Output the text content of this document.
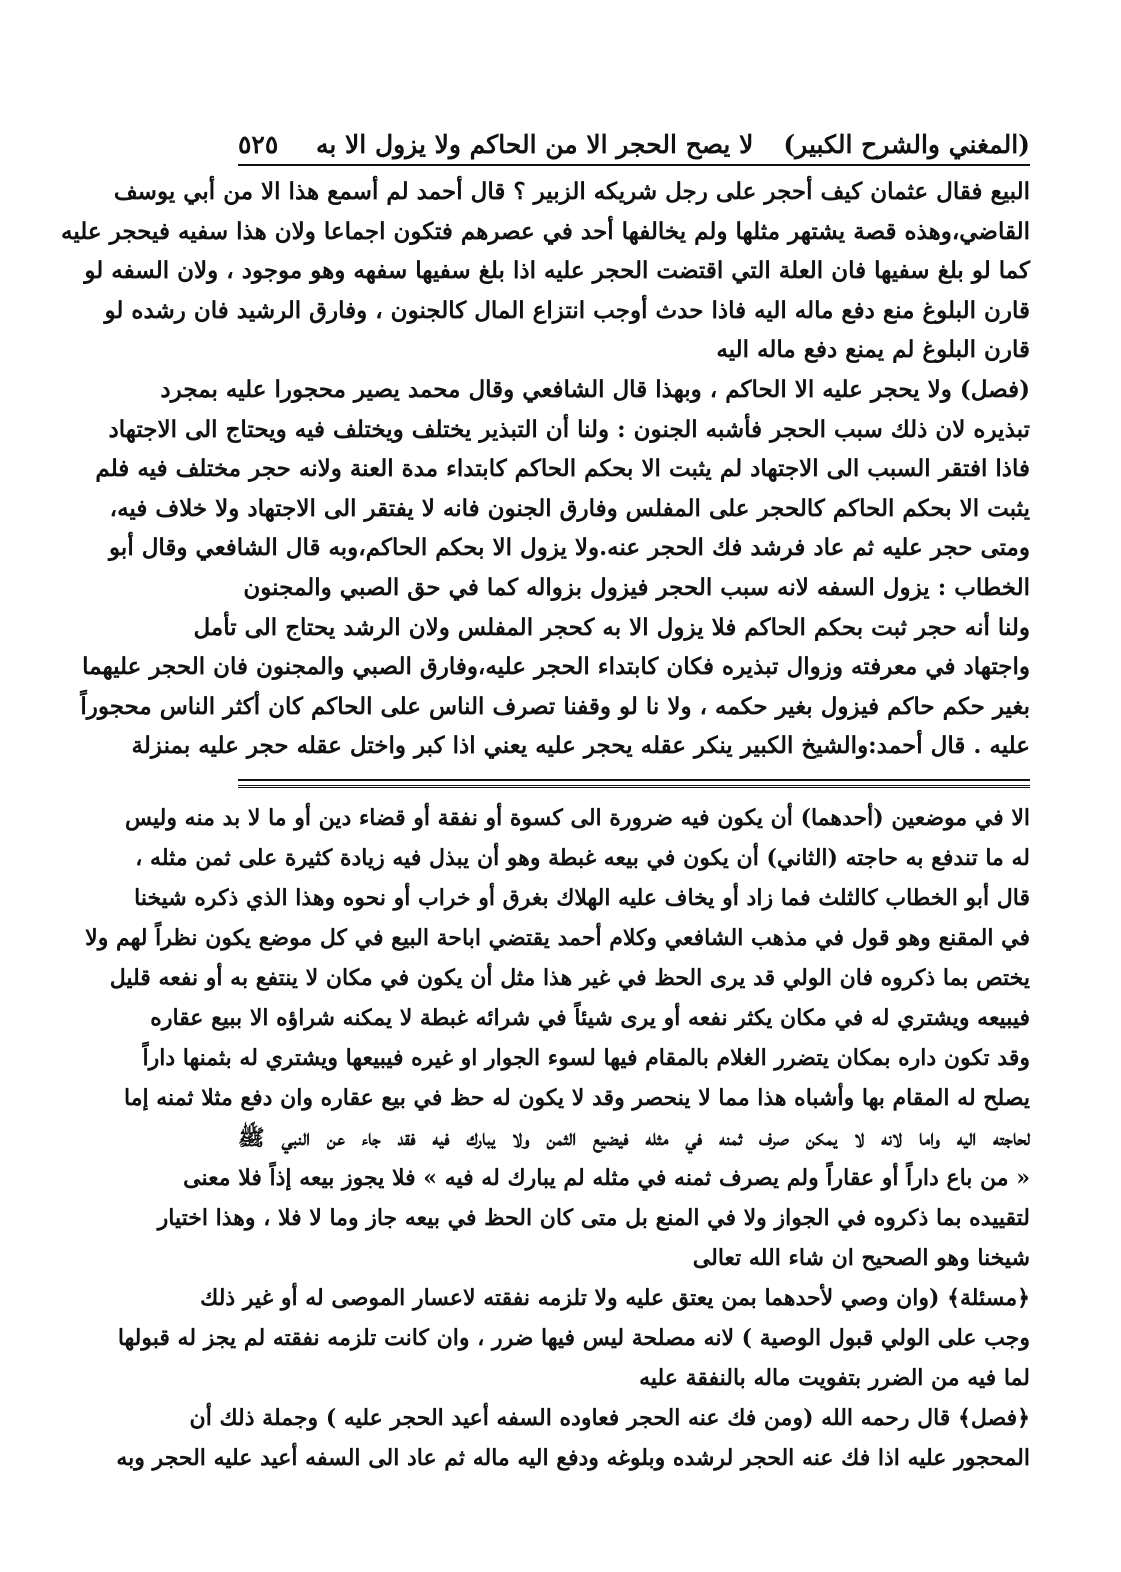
(المغني والشرح الكبير)
لا يصح الحجر الا من الحاكم ولا يزول الا به
٥٢٥
البيع فقال عثمان كيف أحجر على رجل شريكه الزبير ؟ قال أحمد لم أسمع هذا الا من أبي يوسف
القاضي،وهذه قصة يشتهر مثلها ولم يخالفها أحد في عصرهم فتكون اجماعا ولان هذا سفيه فيحجر عليه
كما لو بلغ سفيها فان العلة التي اقتضت الحجر عليه اذا بلغ سفيها سفهه وهو موجود ، ولان السفه لو
قارن البلوغ منع دفع ماله اليه فاذا حدث أوجب انتزاع المال كالجنون ، وفارق الرشيد فان رشده لو
قارن البلوغ لم يمنع دفع ماله اليه
(فصل) ولا يحجر عليه الا الحاكم ، وبهذا قال الشافعي وقال محمد يصير محجورا عليه بمجرد
تبذيره لان ذلك سبب الحجر فأشبه الجنون : ولنا أن التبذير يختلف ويختلف فيه ويحتاج الى الاجتهاد
فاذا افتقر السبب الى الاجتهاد لم يثبت الا بحكم الحاكم كابتداء مدة العنة ولانه حجر مختلف فيه فلم
يثبت الا بحكم الحاكم كالحجر على المفلس وفارق الجنون فانه لا يفتقر الى الاجتهاد ولا خلاف فيه،
ومتى حجر عليه ثم عاد فرشد فك الحجر عنه.ولا يزول الا بحكم الحاكم،وبه قال الشافعي وقال أبو
الخطاب : يزول السفه لانه سبب الحجر فيزول بزواله كما في حق الصبي والمجنون
ولنا أنه حجر ثبت بحكم الحاكم فلا يزول الا به كحجر المفلس ولان الرشد يحتاج الى تأمل
واجتهاد في معرفته وزوال تبذيره فكان كابتداء الحجر عليه،وفارق الصبي والمجنون فان الحجر عليهما
بغير حكم حاكم فيزول بغير حكمه ، ولا نا لو وقفنا تصرف الناس على الحاكم كان أكثر الناس محجوراً
عليه . قال أحمد:والشيخ الكبير ينكر عقله يحجر عليه يعني اذا كبر واختل عقله حجر عليه بمنزلة
الا في موضعين (أحدهما) أن يكون فيه ضرورة الى كسوة أو نفقة أو قضاء دين أو ما لا بد منه وليس
له ما تندفع به حاجته (الثاني) أن يكون في بيعه غبطة وهو أن يبذل فيه زيادة كثيرة على ثمن مثله ،
قال أبو الخطاب كالثلث فما زاد أو يخاف عليه الهلاك بغرق أو خراب أو نحوه وهذا الذي ذكره شيخنا
في المقنع وهو قول في مذهب الشافعي وكلام أحمد يقتضي اباحة البيع في كل موضع يكون نظراً لهم ولا
يختص بما ذكروه فان الولي قد يرى الحظ في غير هذا مثل أن يكون في مكان لا ينتفع به أو نفعه قليل
فيبيعه ويشتري له في مكان يكثر نفعه أو يرى شيئاً في شرائه غبطة لا يمكنه شراؤه الا ببيع عقاره
وقد تكون داره بمكان يتضرر الغلام بالمقام فيها لسوء الجوار او غيره فيبيعها ويشتري له بثمنها داراً
يصلح له المقام بها وأشباه هذا مما لا ينحصر وقد لا يكون له حظ في بيع عقاره وان دفع مثلا ثمنه إما
لحاجته اليه واما لانه لا يمكن صرف ثمنه في مثله فيضيع الثمن ولا يبارك فيه فقد جاء عن النبي ﷺ
« من باع داراً أو عقاراً ولم يصرف ثمنه في مثله لم يبارك له فيه » فلا يجوز بيعه إذاً فلا معنى
لتقييده بما ذكروه في الجواز ولا في المنع بل متى كان الحظ في بيعه جاز وما لا فلا ، وهذا اختيار
شيخنا وهو الصحيح ان شاء الله تعالى
﴿مسئلة﴾ (وان وصي لأحدهما بمن يعتق عليه ولا تلزمه نفقته لاعسار الموصى له أو غير ذلك
وجب على الولي قبول الوصية ) لانه مصلحة ليس فيها ضرر ، وان كانت تلزمه نفقته لم يجز له قبولها
لما فيه من الضرر بتفويت ماله بالنفقة عليه
﴿فصل﴾ قال رحمه الله (ومن فك عنه الحجر فعاوده السفه أعيد الحجر عليه ) وجملة ذلك أن
المحجور عليه اذا فك عنه الحجر لرشده وبلوغه ودفع اليه ماله ثم عاد الى السفه أعيد عليه الحجر وبه
